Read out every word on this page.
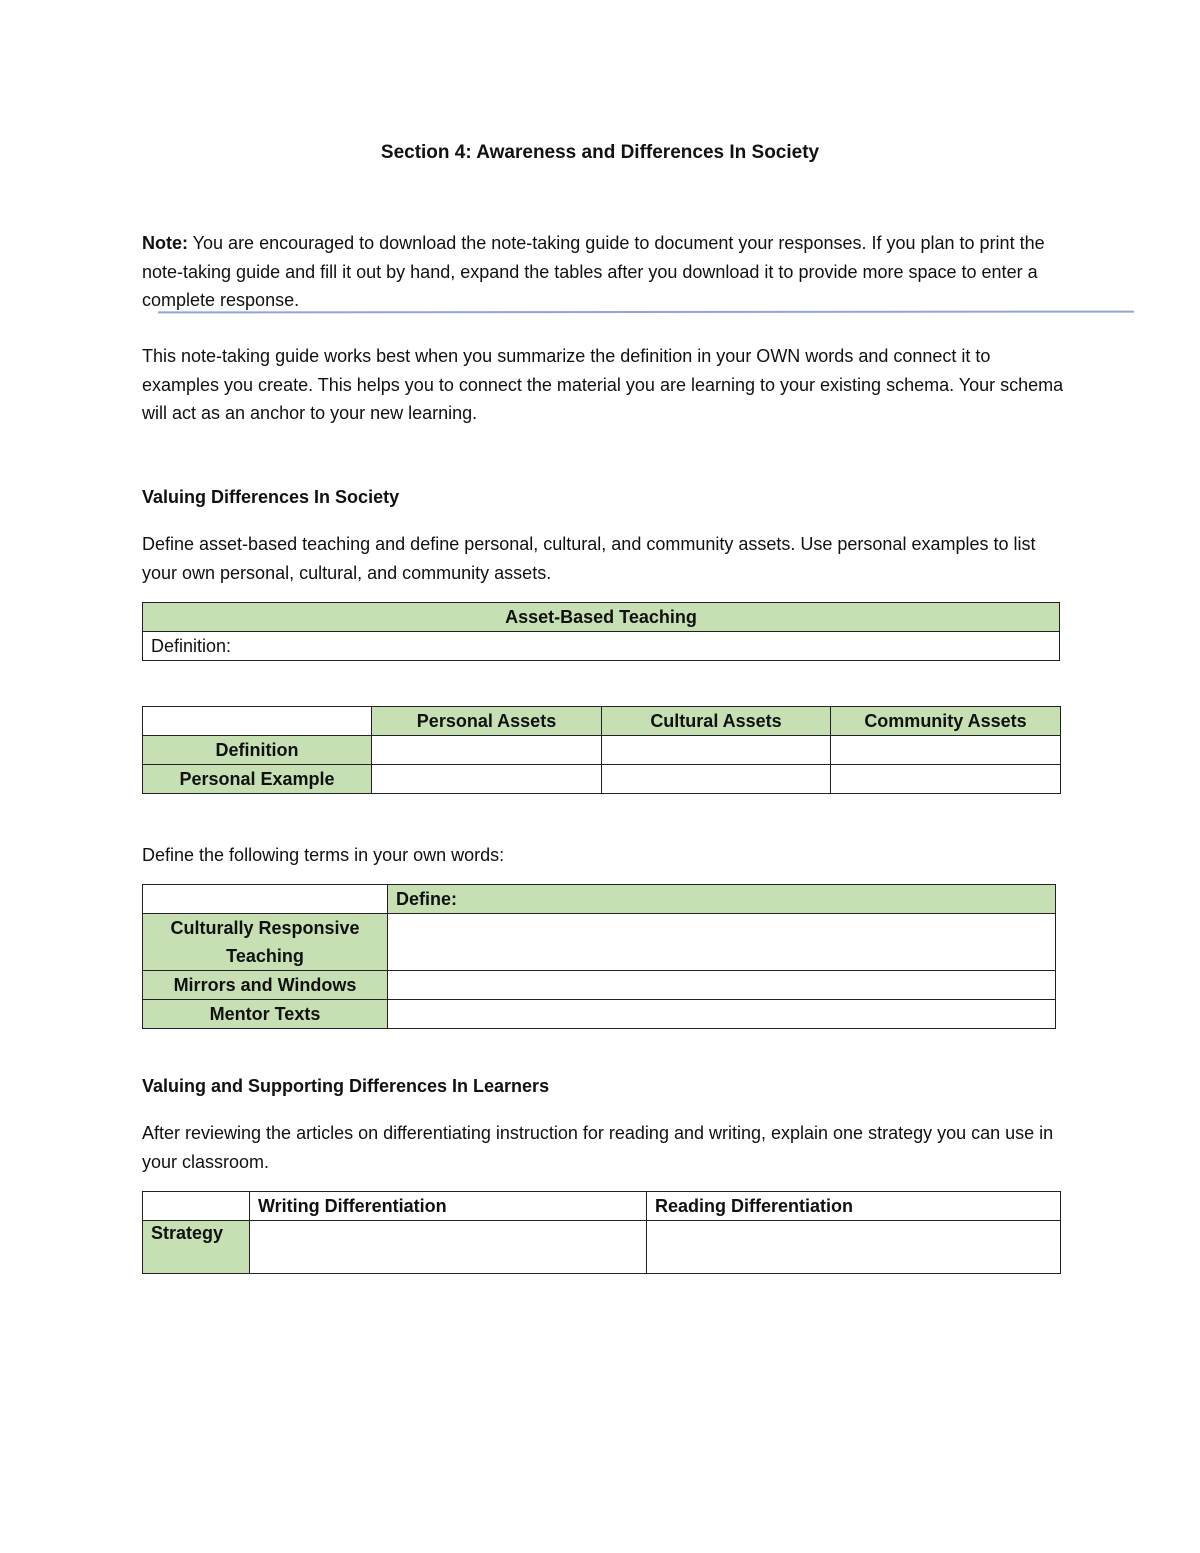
Section 4: Awareness and Differences In Society

Note: You are encouraged to download the note-taking guide to document your responses. If you plan to print the note-taking guide and fill it out by hand, expand the tables after you download it to provide more space to enter a complete response.

This note-taking guide works best when you summarize the definition in your OWN words and connect it to examples you create. This helps you to connect the material you are learning to your existing schema. Your schema will act as an anchor to your new learning.

Valuing Differences In Society

Define asset-based teaching and define personal, cultural, and community assets. Use personal examples to list your own personal, cultural, and community assets.

Asset-Based Teaching
Definition:
	Personal Assets	Cultural Assets	Community Assets
Definition			
Personal Example			

Define the following terms in your own words:

	Define:
Culturally Responsive Teaching	
Mirrors and Windows	
Mentor Texts	
Valuing and Supporting Differences In Learners

After reviewing the articles on differentiating instruction for reading and writing, explain one strategy you can use in your classroom.

	Writing Differentiation	Reading Differentiation
Strategy		
